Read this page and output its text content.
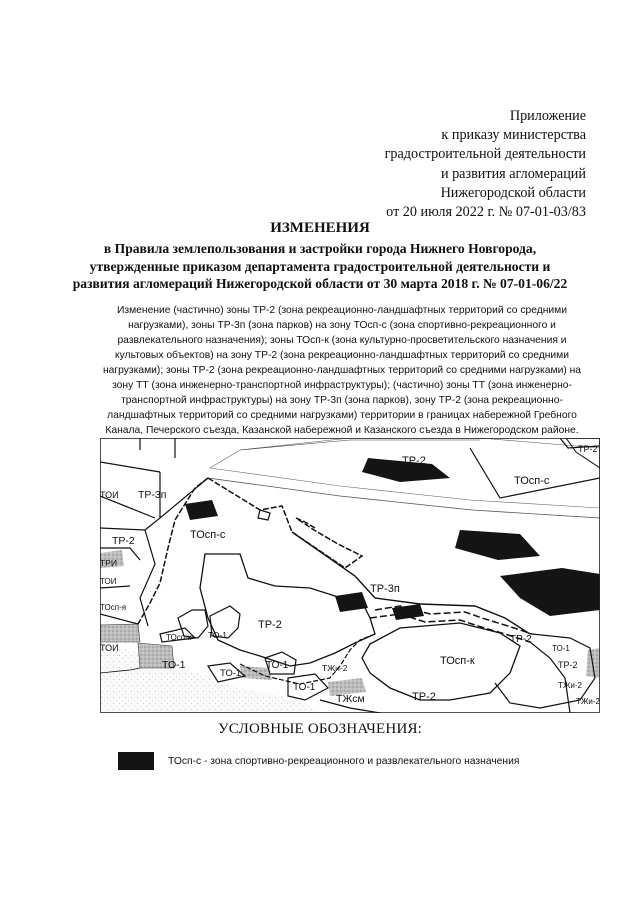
Приложение
к приказу министерства
градостроительной деятельности
и развития агломераций
Нижегородской области
от 20 июля 2022 г. № 07-01-03/83
ИЗМЕНЕНИЯ
в Правила землепользования и застройки города Нижнего Новгорода,
утвержденные приказом департамента градостроительной деятельности и
развития агломераций Нижегородской области от 30 марта 2018 г. № 07-01-06/22
Изменение (частично) зоны ТР-2 (зона рекреационно-ландшафтных территорий со средними
нагрузками), зоны ТР-3п (зона парков) на зону ТОсп-с (зона спортивно-рекреационного и
развлекательного назначения); зоны ТОсп-к (зона культурно-просветительского назначения и
культовых объектов) на зону ТР-2 (зона рекреационно-ландшафтных территорий со средними
нагрузками); зоны ТР-2 (зона рекреационно-ландшафтных территорий со средними нагрузками) на
зону ТТ (зона инженерно-транспортной инфраструктуры); (частично) зоны ТТ (зона инженерно-
транспортной инфраструктуры) на зону ТР-3п (зона парков), зону ТР-2 (зона рекреационно-
ландшафтных территорий со средними нагрузками) территории в границах набережной Гребного
Канала, Печерского съезда, Казанской набережной и Казанского съезда в Нижегородском районе.
ТР-2
ТОсп-с
ТР-2
ТР-3п
ТОИ
ТР-2	ТОсп-с
ТРИ
ТОИ
ТОсп-я
ТР-3п
ТР-2
ТОсп-к ТО-1
ТОИ
ТО-1
ТО-1
ТО-1
ТО-1
ТЖи-2
ТЖсм
ТОсп-к
ТР-2
ТР-2
ТО-1
ТР-2
ТЖи-2
ТЖи-2
УСЛОВНЫЕ ОБОЗНАЧЕНИЯ:
ТОсп-с - зона спортивно-рекреационного и развлекательного назначения
